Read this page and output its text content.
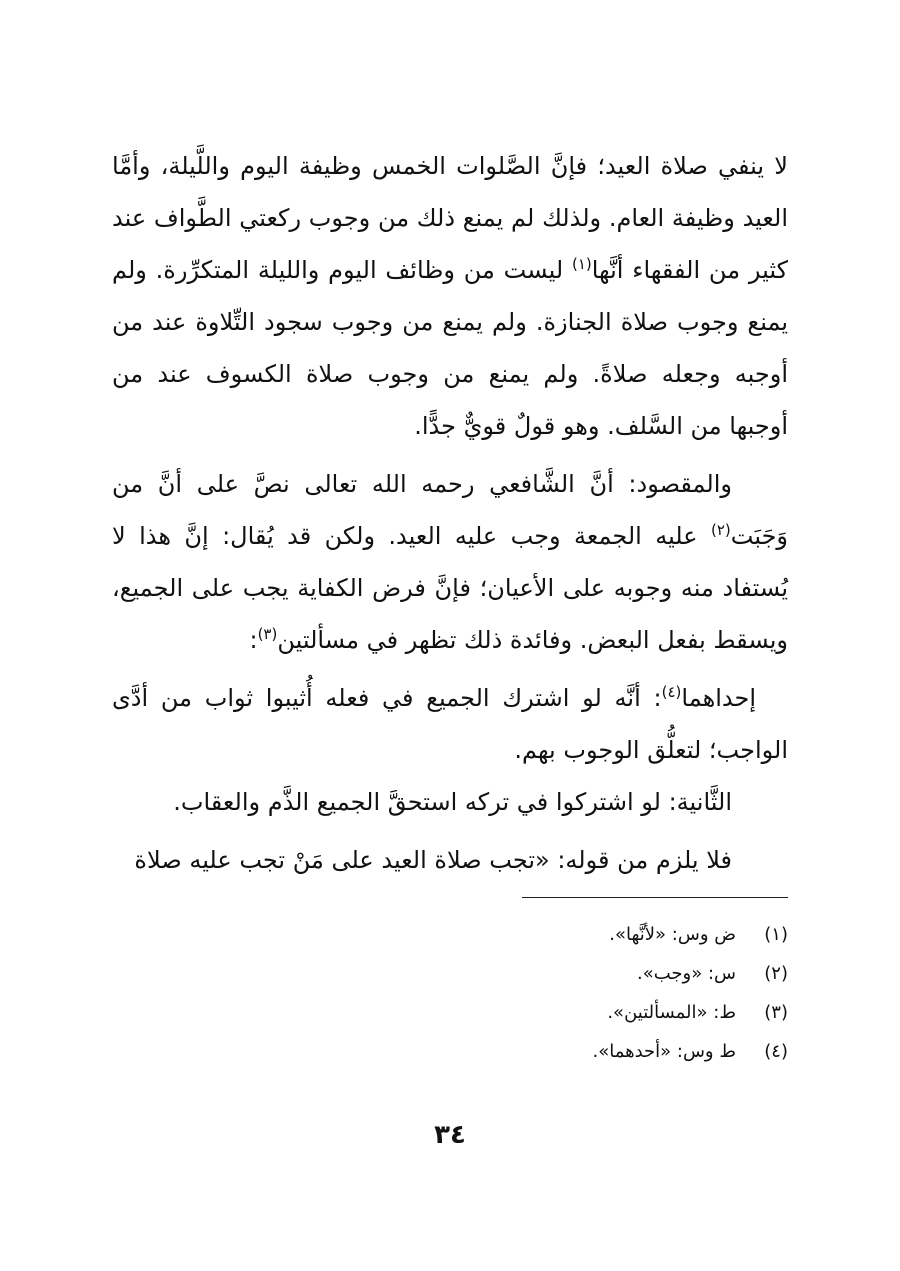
لا ينفي صلاة العيد؛ فإنَّ الصَّلوات الخمس وظيفة اليوم واللَّيلة، وأمَّا العيد وظيفة العام. ولذلك لم يمنع ذلك من وجوب ركعتي الطَّواف عند كثير من الفقهاء أنَّها$^{(١)}$ ليست من وظائف اليوم والليلة المتكرِّرة. ولم يمنع وجوب صلاة الجنازة. ولم يمنع من وجوب سجود التِّلاوة عند من أوجبه وجعله صلاةً. ولم يمنع من وجوب صلاة الكسوف عند من أوجبها من السَّلف. وهو قولٌ قويٌّ جدًّا.

والمقصود: أنَّ الشَّافعي رحمه الله تعالى نصَّ على أنَّ من وَجَبَت$^{(٢)}$ عليه الجمعة وجب عليه العيد. ولكن قد يُقال: إنَّ هذا لا يُستفاد منه وجوبه على الأعيان؛ فإنَّ فرض الكفاية يجب على الجميع، ويسقط بفعل البعض. وفائدة ذلك تظهر في مسألتين$^{(٣)}$:

إحداهما$^{(٤)}$: أنَّه لو اشترك الجميع في فعله أُثيبوا ثواب من أدَّى الواجب؛ لتعلُّق الوجوب بهم.

الثَّانية: لو اشتركوا في تركه استحقَّ الجميع الذَّم والعقاب.

فلا يلزم من قوله: «تجب صلاة العيد على مَنْ تجب عليه صلاة

(١)
ض وس: «لأنَّها».
(٢)
س: «وجب».
(٣)
ط: «المسألتين».
(٤)
ط وس: «أحدهما».
٣٤
